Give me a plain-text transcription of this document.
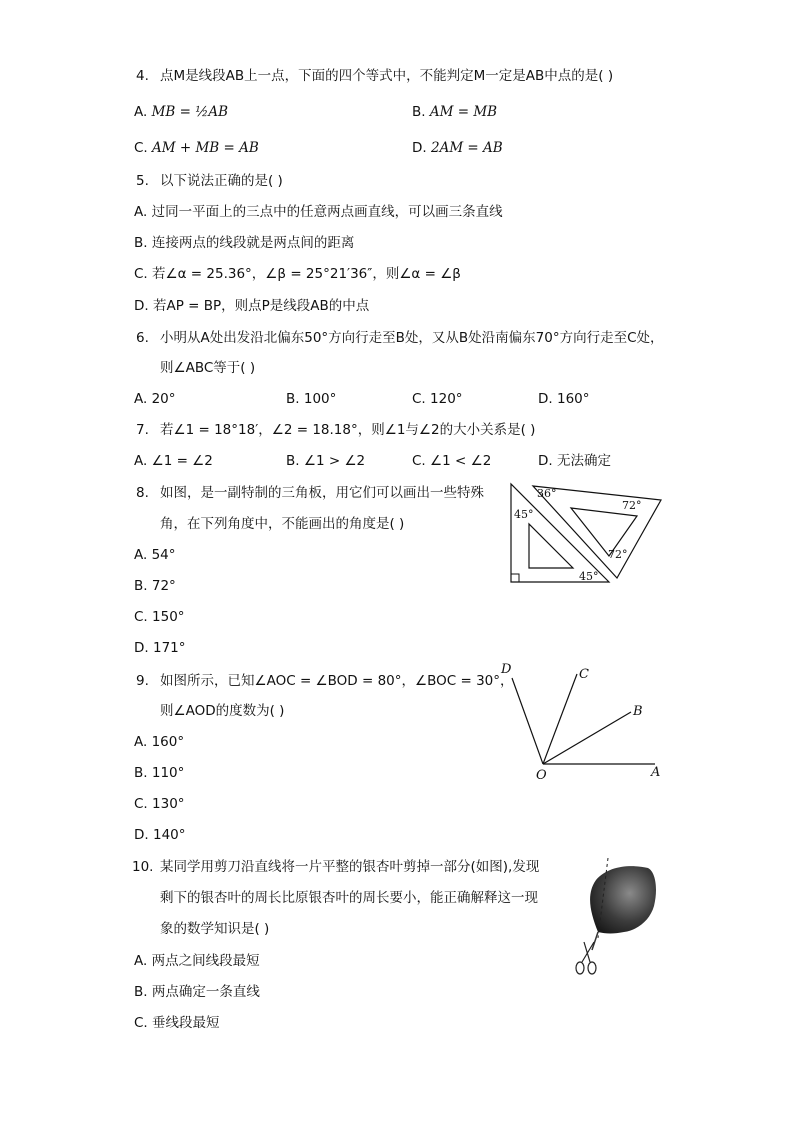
4. 点M是线段AB上一点，下面的四个等式中，不能判定M一定是AB中点的是( )
A. MB = ½AB	B. AM = MB
C. AM + MB = AB	D. 2AM = AB
5. 以下说法正确的是( )
A. 过同一平面上的三点中的任意两点画直线，可以画三条直线
B. 连接两点的线段就是两点间的距离
C. 若∠α = 25.36°，∠β = 25°21′36″，则∠α = ∠β
D. 若AP = BP，则点P是线段AB的中点
6. 小明从A处出发沿北偏东50°方向行走至B处，又从B处沿南偏东70°方向行走至C处，
则∠ABC等于( )
A. 20°	B. 100°	C. 120°	D. 160°
7. 若∠1 = 18°18′，∠2 = 18.18°，则∠1与∠2的大小关系是( )
A. ∠1 = ∠2	B. ∠1 > ∠2	C. ∠1 < ∠2	D. 无法确定
8. 如图，是一副特制的三角板，用它们可以画出一些特殊
角，在下列角度中，不能画出的角度是( )
A. 54°
B. 72°
C. 150°
D. 171°
36°
72°
45°
72°
45°
9. 如图所示，已知∠AOC = ∠BOD = 80°，∠BOC = 30°，
则∠AOD的度数为( )
A. 160°
B. 110°
C. 130°
D. 140°
D	C
B
O	A
10. 某同学用剪刀沿直线将一片平整的银杏叶剪掉一部分(如图),发现
剩下的银杏叶的周长比原银杏叶的周长要小，能正确解释这一现
象的数学知识是( )
A. 两点之间线段最短
B. 两点确定一条直线
C. 垂线段最短
